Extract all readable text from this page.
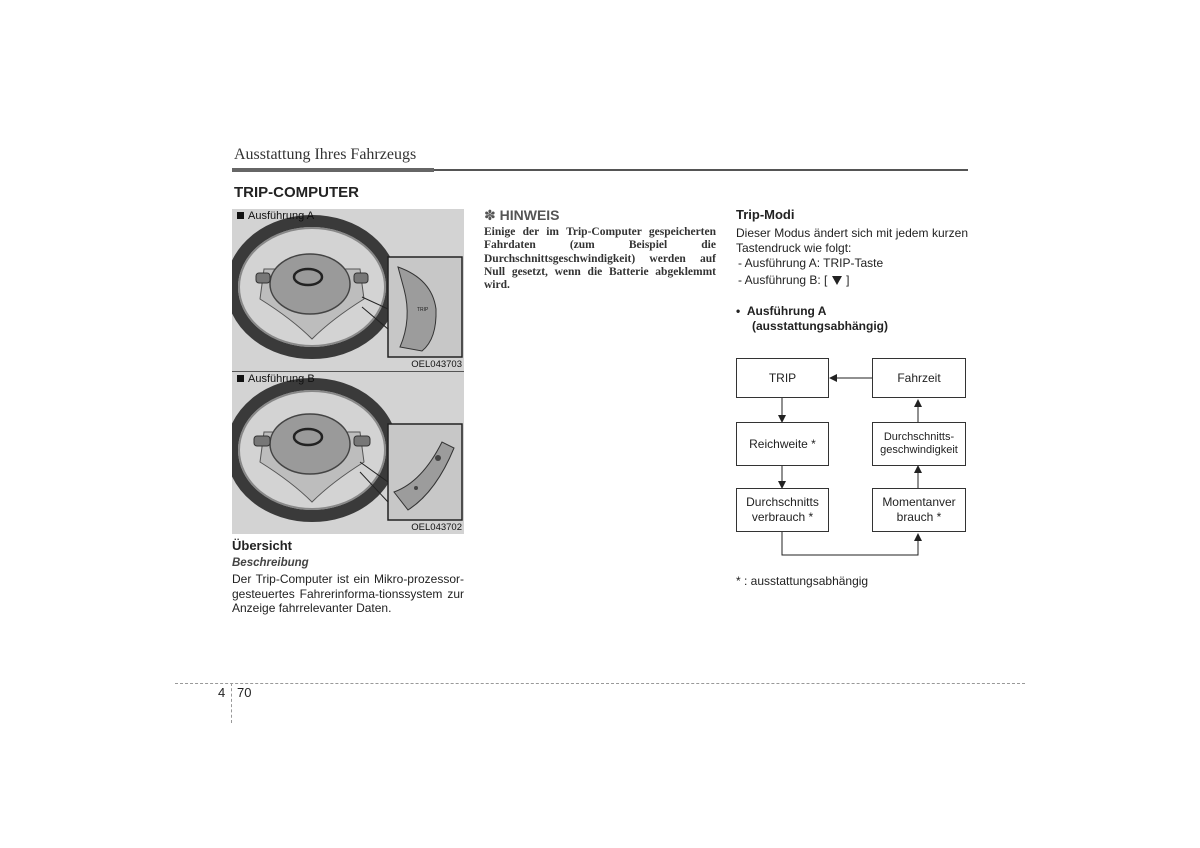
Ausstattung Ihres Fahrzeugs
TRIP-COMPUTER
Ausführung A
TRIP
OEL043703
Ausführung B
OEL043702
Übersicht
Beschreibung
Der Trip-Computer ist ein Mikro-prozessor-gesteuertes Fahrerinforma-tionssystem zur Anzeige fahrrelevanter Daten.
✽ HINWEIS
Einige der im Trip-Computer gespeicherten Fahrdaten (zum Beispiel die Durchschnittsgeschwindigkeit) werden auf Null gesetzt, wenn die Batterie abgeklemmt wird.
Trip-Modi
Dieser Modus ändert sich mit jedem kurzen Tastendruck wie folgt:
- Ausführung A: TRIP-Taste
- Ausführung B: [ ]
•  Ausführung A
(ausstattungsabhängig)
TRIP	Fahrzeit
Reichweite *	Durchschnitts-
geschwindigkeit
Durchschnitts
verbrauch *
Momentanver
brauch *
* : ausstattungsabhängig
4 70
